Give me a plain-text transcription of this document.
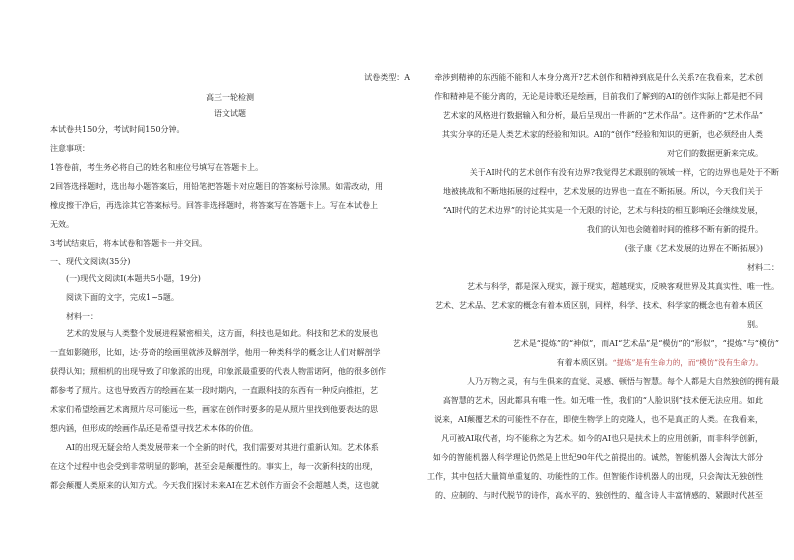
试卷类型：A
高三一轮检测
语文试题
本试卷共150分，考试时间150分钟。
注意事项：
1答卷前，考生务必将自己的姓名和座位号填写在答题卡上。
2回答选择题时，选出每小题答案后，用铅笔把答题卡对应题目的答案标号涂黑。如需改动，用
橡皮擦干净后，再选涂其它答案标号。回答非选择题时，将答案写在答题卡上。写在本试卷上
无效。
3考试结束后，将本试卷和答题卡一并交回。
一、现代文阅读(35分)
(一)现代文阅读Ⅰ(本题共5小题，19分)
阅读下面的文字，完成1~5题。
材料一：
艺术的发展与人类整个发展进程紧密相关，这方面，科技也是如此。科技和艺术的发展也
一直如影随形，比如，达·芬奇的绘画里就涉及解剖学，他用一种类科学的概念让人们对解剖学
获得认知；照相机的出现导致了印象派的出现，印象派最重要的代表人物雷诺阿，他的很多创作
都参考了照片。这也导致西方的绘画在某一段时期内，一直跟科技的东西有一种反向推拒，艺
术家们希望绘画艺术离照片尽可能远一些，画家在创作时要多的是从照片里找到他要表达的思
想内涵，但形成的绘画作品还是希望寻找艺术本体的价值。
AI的出现无疑会给人类发展带来一个全新的时代，我们需要对其进行重新认知。艺术体系
在这个过程中也会受到非常明显的影响，甚至会是颠覆性的。事实上，每一次新科技的出现，
都会颠覆人类原来的认知方式。今天我们探讨未来AI在艺术创作方面会不会超越人类，这也就
牵涉到精神的东西能不能和人本身分离开?艺术创作和精神到底是什么关系?在我看来，艺术创
作和精神是不能分离的，无论是诗歌还是绘画，目前我们了解到的AI的创作实际上都是把不同
艺术家的风格进行数据输入和分析，最后呈现出一件新的“艺术作品”。这件新的“艺术作品”
其实分享的还是人类艺术家的经验和知识。AI的“创作”经验和知识的更新，也必须经由人类
对它们的数据更新来完成。
关于AI时代的艺术创作有没有边界?我觉得艺术跟别的领域一样，它的边界也是处于不断
地被挑战和不断地拓展的过程中，艺术发展的边界也一直在不断拓展。所以，今天我们关于
“AI时代的艺术边界”的讨论其实是一个无限的讨论，艺术与科技的相互影响还会继续发展，
我们的认知也会随着时间的推移不断有新的提升。
(张子康《艺术发展的边界在不断拓展》)
材料二：
艺术与科学，都是深入现实，源于现实，超越现实，反映客观世界及其真实性、唯一性。
艺术、艺术品、艺术家的概念有着本质区别，同样，科学、技术、科学家的概念也有着本质区
别。
艺术是“提炼”的“神似”，而AI“艺术品”是“模仿”的“形似”，“提炼”与“模仿”
有着本质区别。“提炼”是有生命力的，而“模仿”没有生命力。
人乃万物之灵，有与生俱来的直觉、灵感、顿悟与智慧。每个人都是大自然独创的拥有最
高智慧的艺术，因此都具有唯一性。如无唯一性，我们的“人脸识别”技术便无法应用。如此
说来，AI颠覆艺术的可能性不存在，即使生物学上的克隆人，也不是真正的人类。在我看来，
凡可被AI取代者，均不能称之为艺术。如今的AI也只是扶术上的应用创新，而非科学创新，
如今的智能机器人科学理论仍然是上世纪90年代之前提出的。诚然，智能机器人会淘汰大部分
工作，其中包括大量简单重复的、功能性的工作。但智能作诗机器人的出现，只会淘汰无独创性
的、应制的、与时代脱节的诗作，高水平的、独创性的、蕴含诗人丰富情感的、紧跟时代甚至
